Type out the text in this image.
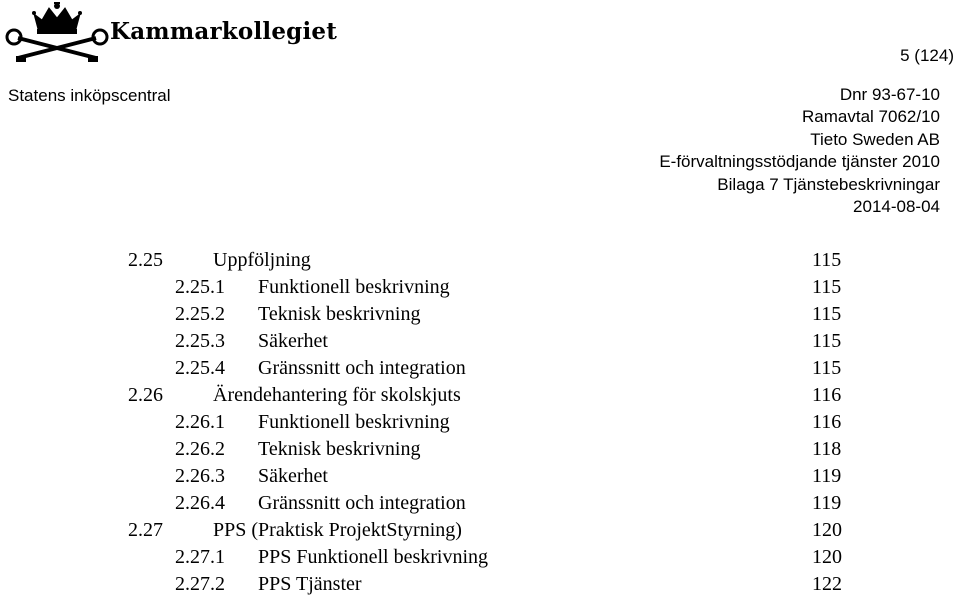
Kammarkollegiet
5 (124)
Statens inköpscentral	Dnr 93-67-10
Ramavtal 7062/10
Tieto Sweden AB
E-förvaltningsstödjande tjänster 2010
Bilaga 7 Tjänstebeskrivningar
2014-08-04
2.25	Uppföljning	115
2.25.1 Funktionell beskrivning	115
2.25.2 Teknisk beskrivning	115
2.25.3 Säkerhet	115
2.25.4 Gränssnitt och integration	115
2.26	Ärendehantering för skolskjuts	116
2.26.1 Funktionell beskrivning	116
2.26.2 Teknisk beskrivning	118
2.26.3 Säkerhet	119
2.26.4 Gränssnitt och integration	119
2.27	PPS (Praktisk ProjektStyrning)	120
2.27.1 PPS Funktionell beskrivning	120
2.27.2 PPS Tjänster	122
